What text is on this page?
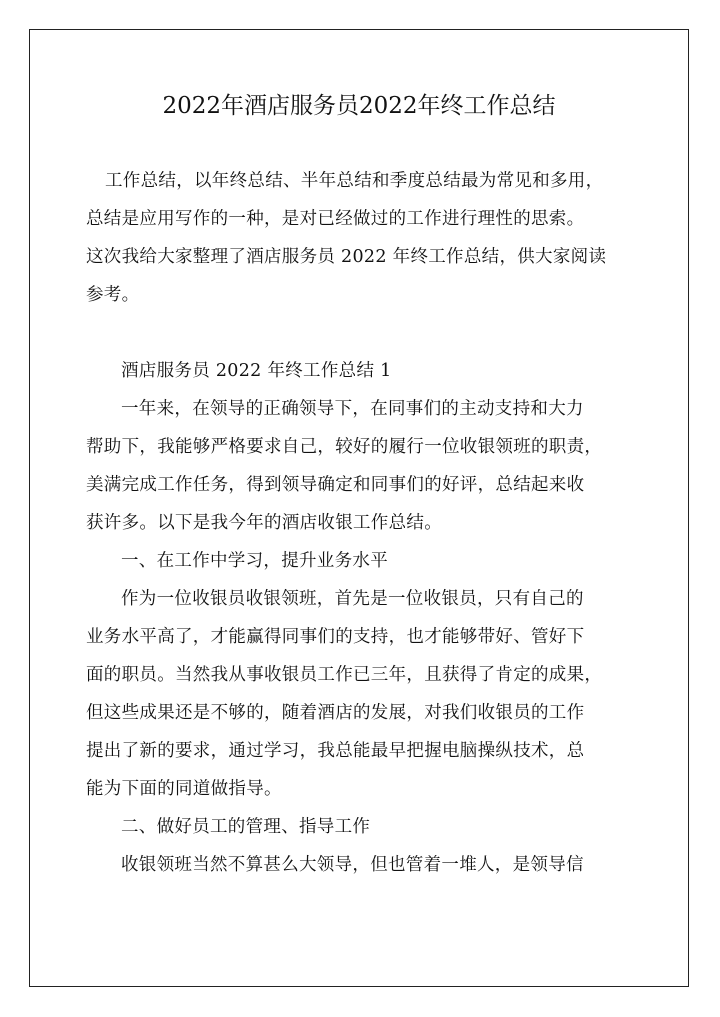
2022年酒店服务员2022年终工作总结
工作总结，以年终总结、半年总结和季度总结最为常见和多用，
总结是应用写作的一种，是对已经做过的工作进行理性的思索。
这次我给大家整理了酒店服务员 2022 年终工作总结，供大家阅读
参考。
酒店服务员 2022 年终工作总结 1
一年来，在领导的正确领导下，在同事们的主动支持和大力
帮助下，我能够严格要求自己，较好的履行一位收银领班的职责，
美满完成工作任务，得到领导确定和同事们的好评，总结起来收
获许多。以下是我今年的酒店收银工作总结。
一、在工作中学习，提升业务水平
作为一位收银员收银领班，首先是一位收银员，只有自己的
业务水平高了，才能赢得同事们的支持，也才能够带好、管好下
面的职员。当然我从事收银员工作已三年，且获得了肯定的成果，
但这些成果还是不够的，随着酒店的发展，对我们收银员的工作
提出了新的要求，通过学习，我总能最早把握电脑操纵技术，总
能为下面的同道做指导。
二、做好员工的管理、指导工作
收银领班当然不算甚么大领导，但也管着一堆人，是领导信
